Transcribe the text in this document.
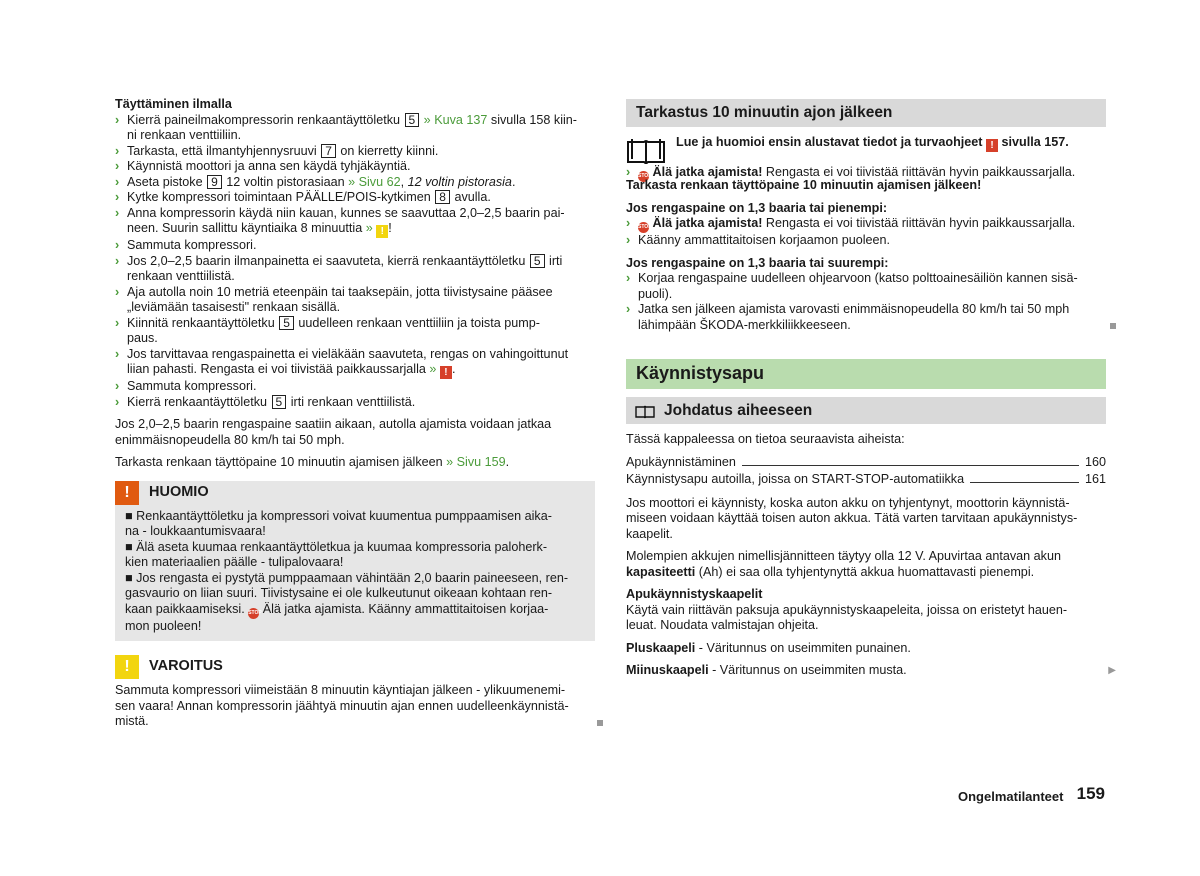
Täyttäminen ilmalla

› Kierrä paineilmakompressorin renkaantäyttöletku 5 » Kuva 137 sivulla 158 kiin-
ni renkaan venttiiliin.
› Tarkasta, että ilmantyhjennysruuvi 7 on kierretty kiinni.
› Käynnistä moottori ja anna sen käydä tyhjäkäyntiä.
› Aseta pistoke 9 12 voltin pistorasiaan » Sivu 62, 12 voltin pistorasia.
› Kytke kompressori toimintaan PÄÄLLE/POIS-kytkimen 8 avulla.
› Anna kompressorin käydä niin kauan, kunnes se saavuttaa 2,0–2,5 baarin pai-
neen. Suurin sallittu käyntiaika 8 minuuttia » ! !
› Sammuta kompressori.
› Jos 2,0–2,5 baarin ilmanpainetta ei saavuteta, kierrä renkaantäyttöletku 5 irti
renkaan venttiilistä.
› Aja autolla noin 10 metriä eteenpäin tai taaksepäin, jotta tiivistysaine pääsee
„leviämään tasaisesti" renkaan sisällä.
› Kiinnitä renkaantäyttöletku 5 uudelleen renkaan venttiiliin ja toista pump-
paus.
› Jos tarvittavaa rengaspainetta ei vieläkään saavuteta, rengas on vahingoittunut
liian pahasti. Rengasta ei voi tiivistää paikkaussarjalla » ! .
› Sammuta kompressori.
› Kierrä renkaantäyttöletku 5 irti renkaan venttiilistä.

Jos 2,0–2,5 baarin rengaspaine saatiin aikaan, autolla ajamista voidaan jatkaa
enimmäisnopeudella 80 km/h tai 50 mph.

Tarkasta renkaan täyttöpaine 10 minuutin ajamisen jälkeen » Sivu 159.

!	HUOMIO
■ Renkaantäyttöletku ja kompressori voivat kuumentua pumppaamisen aika-
na - loukkaantumisvaara!
■ Älä aseta kuumaa renkaantäyttöletkua ja kuumaa kompressoria paloherk-
kien materiaalien päälle - tulipalovaara!
■ Jos rengasta ei pystytä pumppaamaan vähintään 2,0 baarin paineeseen, ren-
gasvaurio on liian suuri. Tiivistysaine ei ole kulkeutunut oikeaan kohtaan ren-
kaan paikkaamiseksi. STOP Älä jatka ajamista. Käänny ammattitaitoisen korjaa-
mon puoleen!
!	VAROITUS
Sammuta kompressori viimeistään 8 minuutin käyntiajan jälkeen - ylikuumenemi-
sen vaara! Annan kompressorin jäähtyä minuutin ajan ennen uudelleenkäynnistä-
mistä.
Tarkastus 10 minuutin ajon jälkeen
Lue ja huomioi ensin alustavat tiedot ja turvaohjeet ! sivulla 157.
› STOP Älä jatka ajamista! Rengasta ei voi tiivistää riittävän hyvin paikkaussarjalla.

Tarkasta renkaan täyttöpaine 10 minuutin ajamisen jälkeen!

Jos rengaspaine on 1,3 baaria tai pienempi:

› STOP Älä jatka ajamista! Rengasta ei voi tiivistää riittävän hyvin paikkaussarjalla.
› Käänny ammattitaitoisen korjaamon puoleen.

Jos rengaspaine on 1,3 baaria tai suurempi:

› Korjaa rengaspaine uudelleen ohjearvoon (katso polttoainesäiliön kannen sisä-
puoli).
› Jatka sen jälkeen ajamista varovasti enimmäisnopeudella 80 km/h tai 50 mph
lähimpään ŠKODA-merkkiliikkeeseen.
Käynnistysapu
Johdatus aiheeseen

Tässä kappaleessa on tietoa seuraavista aiheista:

Apukäynnistäminen	160
Käynnistysapu autoilla, joissa on START-STOP-automatiikka	161
Jos moottori ei käynnisty, koska auton akku on tyhjentynyt, moottorin käynnistä-
miseen voidaan käyttää toisen auton akkua. Tätä varten tarvitaan apukäynnistys-
kaapelit.

Molempien akkujen nimellisjännitteen täytyy olla 12 V. Apuvirtaa antavan akun
kapasiteetti (Ah) ei saa olla tyhjentynyttä akkua huomattavasti pienempi.

Apukäynnistyskaapelit

Käytä vain riittävän paksuja apukäynnistyskaapeleita, joissa on eristetyt hauen-
leuat. Noudata valmistajan ohjeita.

Pluskaapeli - Väritunnus on useimmiten punainen.

Miinuskaapeli - Väritunnus on useimmiten musta.	▶

Ongelmatilanteet 159
